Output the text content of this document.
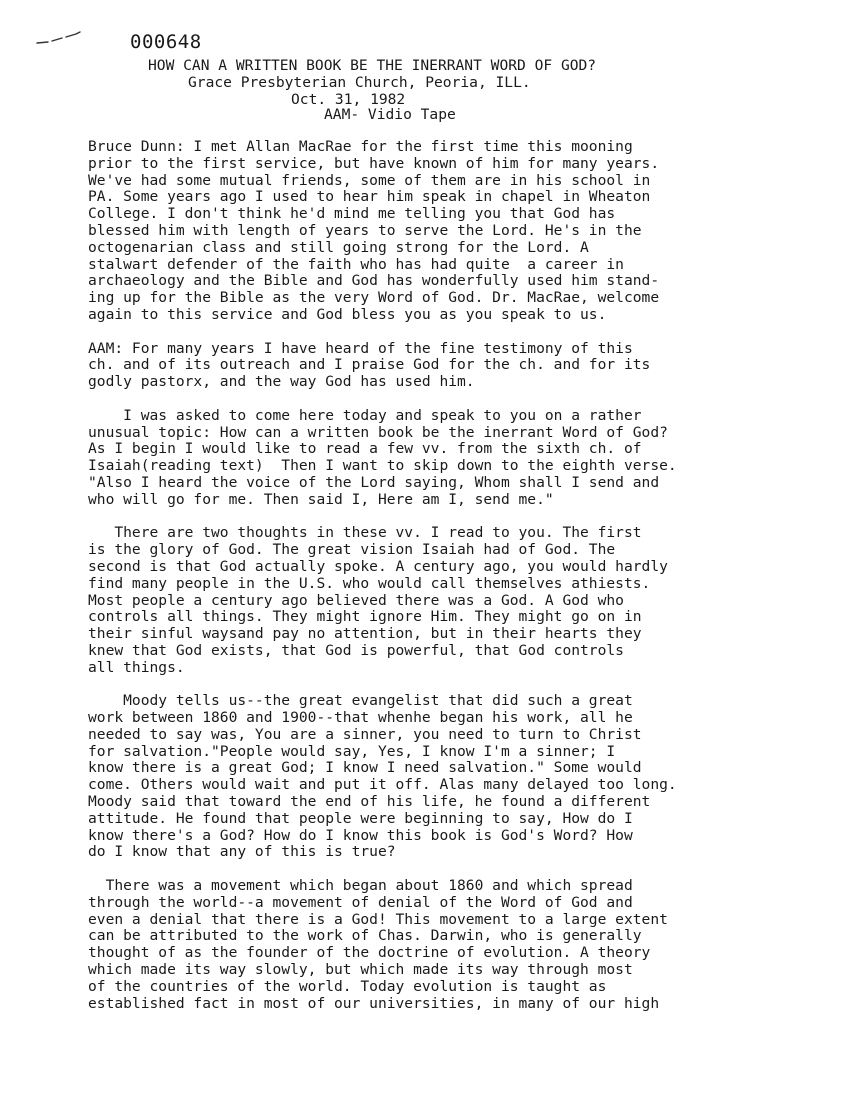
000648
HOW CAN A WRITTEN BOOK BE THE INERRANT WORD OF GOD?
Grace Presbyterian Church, Peoria, ILL.
Oct. 31, 1982
AAM- Vidio Tape
Bruce Dunn: I met Allan MacRae for the first time this mooning
prior to the first service, but have known of him for many years.
We've had some mutual friends, some of them are in his school in
PA. Some years ago I used to hear him speak in chapel in Wheaton
College. I don't think he'd mind me telling you that God has
blessed him with length of years to serve the Lord. He's in the
octogenarian class and still going strong for the Lord. A
stalwart defender of the faith who has had quite  a career in
archaeology and the Bible and God has wonderfully used him stand-
ing up for the Bible as the very Word of God. Dr. MacRae, welcome
again to this service and God bless you as you speak to us.
AAM: For many years I have heard of the fine testimony of this
ch. and of its outreach and I praise God for the ch. and for its
godly pastorx, and the way God has used him.
I was asked to come here today and speak to you on a rather
unusual topic: How can a written book be the inerrant Word of God?
As I begin I would like to read a few vv. from the sixth ch. of
Isaiah(reading text)  Then I want to skip down to the eighth verse.
"Also I heard the voice of the Lord saying, Whom shall I send and
who will go for me. Then said I, Here am I, send me."
There are two thoughts in these vv. I read to you. The first
is the glory of God. The great vision Isaiah had of God. The
second is that God actually spoke. A century ago, you would hardly
find many people in the U.S. who would call themselves athiests.
Most people a century ago believed there was a God. A God who
controls all things. They might ignore Him. They might go on in
their sinful waysand pay no attention, but in their hearts they
knew that God exists, that God is powerful, that God controls
all things.
Moody tells us--the great evangelist that did such a great
work between 1860 and 1900--that whenhe began his work, all he
needed to say was, You are a sinner, you need to turn to Christ
for salvation."People would say, Yes, I know I'm a sinner; I
know there is a great God; I know I need salvation." Some would
come. Others would wait and put it off. Alas many delayed too long.
Moody said that toward the end of his life, he found a different
attitude. He found that people were beginning to say, How do I
know there's a God? How do I know this book is God's Word? How
do I know that any of this is true?
There was a movement which began about 1860 and which spread
through the world--a movement of denial of the Word of God and
even a denial that there is a God! This movement to a large extent
can be attributed to the work of Chas. Darwin, who is generally
thought of as the founder of the doctrine of evolution. A theory
which made its way slowly, but which made its way through most
of the countries of the world. Today evolution is taught as
established fact in most of our universities, in many of our high
